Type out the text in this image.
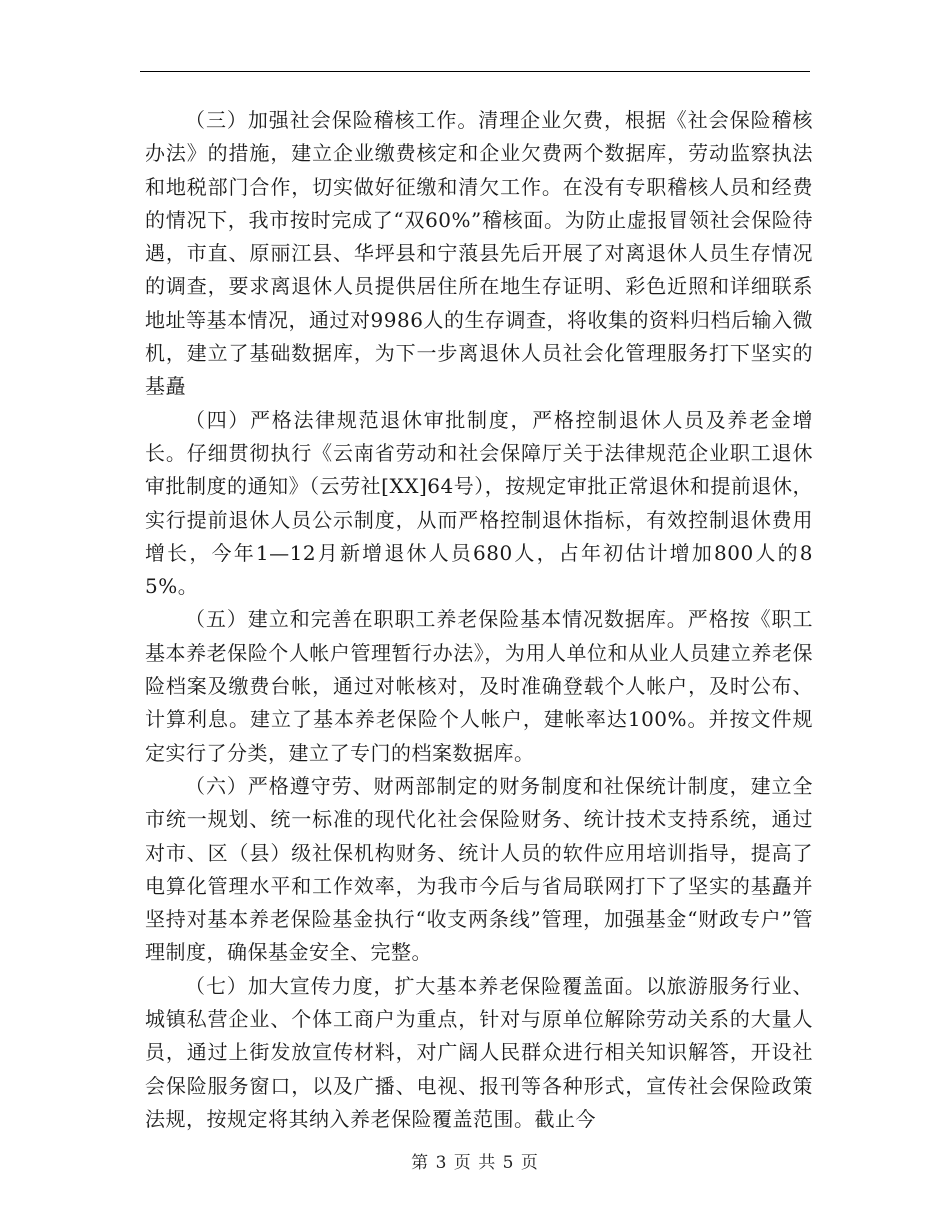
（三）加强社会保险稽核工作。清理企业欠费，根据《社会保险稽核办法》的措施，建立企业缴费核定和企业欠费两个数据库，劳动监察执法和地税部门合作，切实做好征缴和清欠工作。在没有专职稽核人员和经费的情况下，我市按时完成了“双60%”稽核面。为防止虚报冒领社会保险待遇，市直、原丽江县、华坪县和宁蒗县先后开展了对离退休人员生存情况的调查，要求离退休人员提供居住所在地生存证明、彩色近照和详细联系地址等基本情况，通过对9986人的生存调查，将收集的资料归档后输入微机，建立了基础数据库，为下一步离退休人员社会化管理服务打下坚实的基矗

（四）严格法律规范退休审批制度，严格控制退休人员及养老金增长。仔细贯彻执行《云南省劳动和社会保障厅关于法律规范企业职工退休审批制度的通知》（云劳社[XX]64号），按规定审批正常退休和提前退休，实行提前退休人员公示制度，从而严格控制退休指标，有效控制退休费用增长，今年1—12月新增退休人员680人，占年初估计增加800人的85%。

（五）建立和完善在职职工养老保险基本情况数据库。严格按《职工基本养老保险个人帐户管理暂行办法》，为用人单位和从业人员建立养老保险档案及缴费台帐，通过对帐核对，及时准确登载个人帐户，及时公布、计算利息。建立了基本养老保险个人帐户，建帐率达100%。并按文件规定实行了分类，建立了专门的档案数据库。

（六）严格遵守劳、财两部制定的财务制度和社保统计制度，建立全市统一规划、统一标准的现代化社会保险财务、统计技术支持系统，通过对市、区（县）级社保机构财务、统计人员的软件应用培训指导，提高了电算化管理水平和工作效率，为我市今后与省局联网打下了坚实的基矗并坚持对基本养老保险基金执行“收支两条线”管理，加强基金“财政专户”管理制度，确保基金安全、完整。

（七）加大宣传力度，扩大基本养老保险覆盖面。以旅游服务行业、城镇私营企业、个体工商户为重点，针对与原单位解除劳动关系的大量人员，通过上街发放宣传材料，对广阔人民群众进行相关知识解答，开设社会保险服务窗口，以及广播、电视、报刊等各种形式，宣传社会保险政策法规，按规定将其纳入养老保险覆盖范围。截止今

第 3 页 共 5 页
